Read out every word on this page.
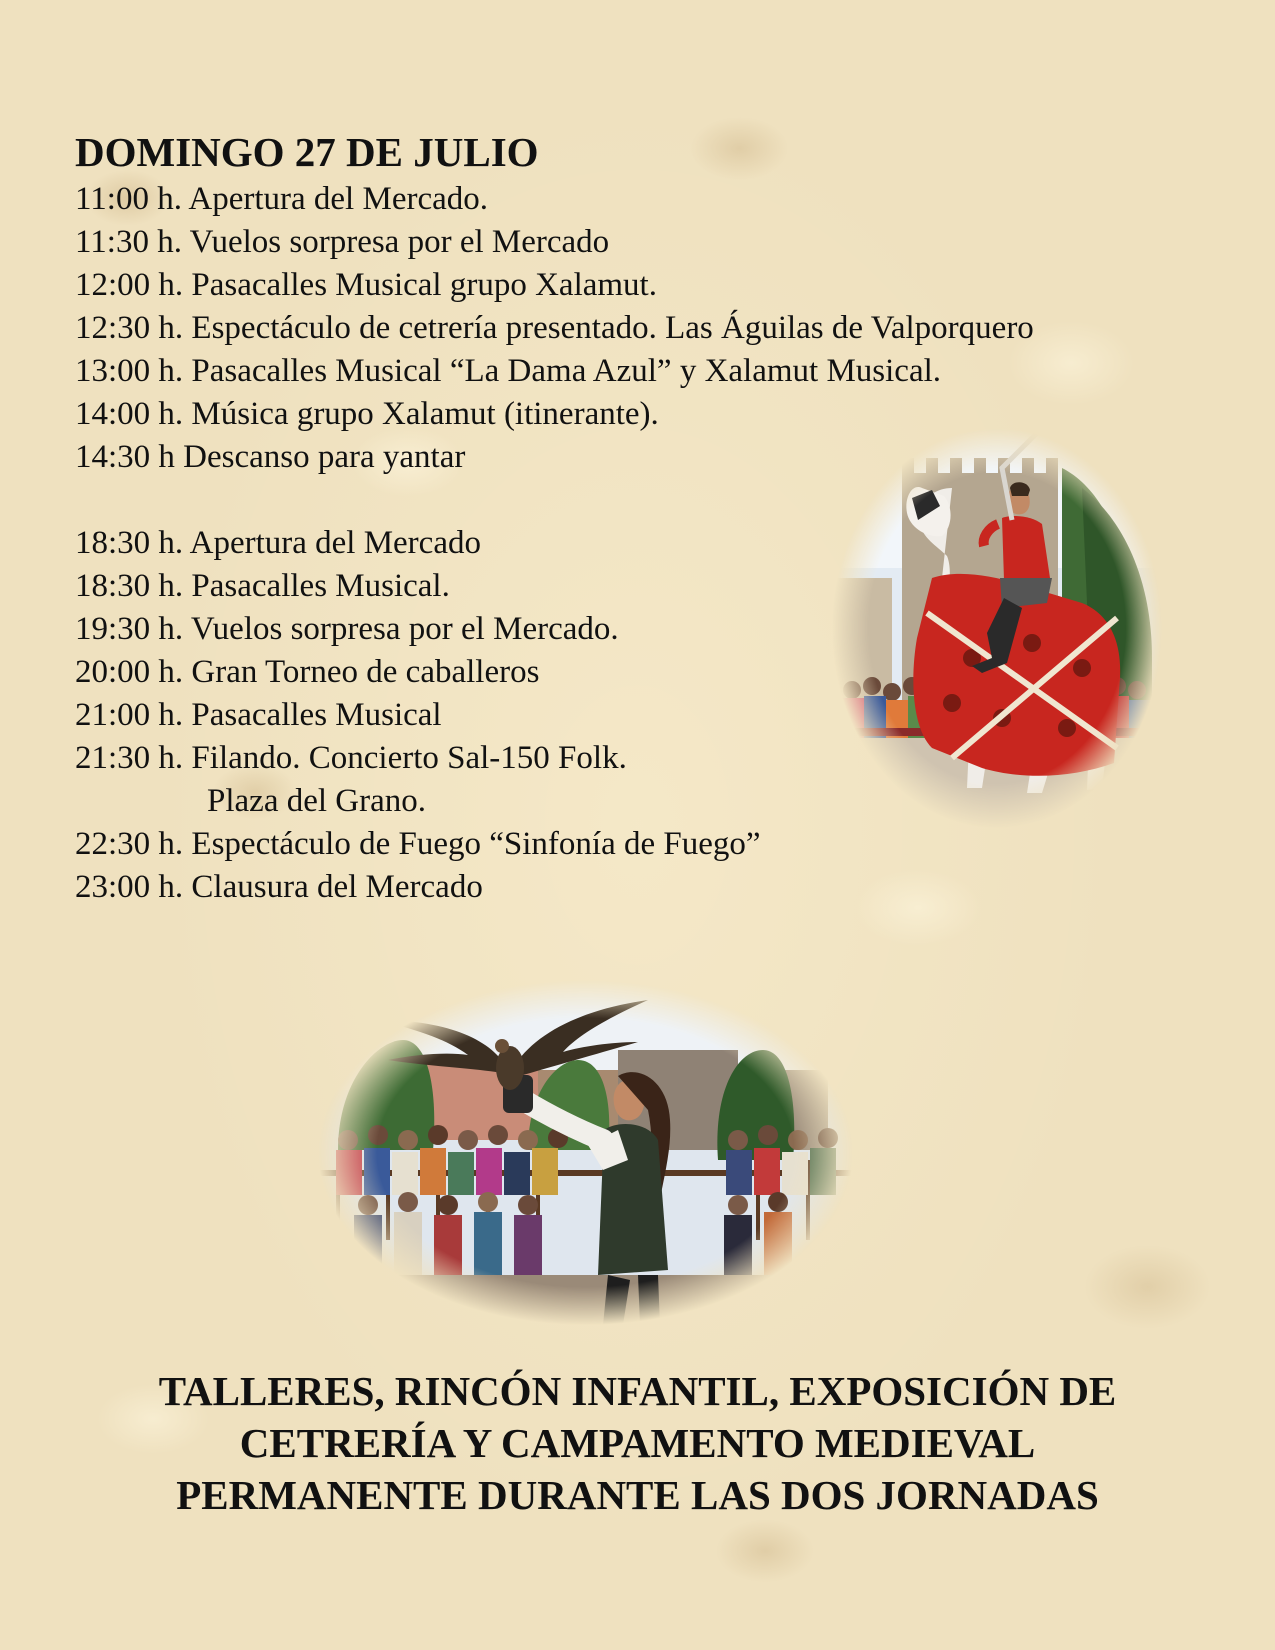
DOMINGO 27 DE JULIO
11:00 h. Apertura del Mercado.
11:30 h. Vuelos sorpresa por el Mercado
12:00 h. Pasacalles Musical grupo Xalamut.
12:30 h. Espectáculo de cetrería presentado. Las Águilas de Valporquero
13:00 h. Pasacalles Musical “La Dama Azul” y Xalamut Musical.
14:00 h. Música grupo Xalamut (itinerante).
14:30 h Descanso para yantar
18:30 h. Apertura del Mercado
18:30 h. Pasacalles Musical.
19:30 h. Vuelos sorpresa por el Mercado.
20:00 h. Gran Torneo de caballeros
21:00 h. Pasacalles Musical
21:30 h. Filando. Concierto Sal-150 Folk.
Plaza del Grano.
22:30 h. Espectáculo de Fuego “Sinfonía de Fuego”
23:00 h. Clausura del Mercado
TALLERES, RINCÓN INFANTIL, EXPOSICIÓN DE
CETRERÍA Y CAMPAMENTO MEDIEVAL
PERMANENTE DURANTE LAS DOS JORNADAS
